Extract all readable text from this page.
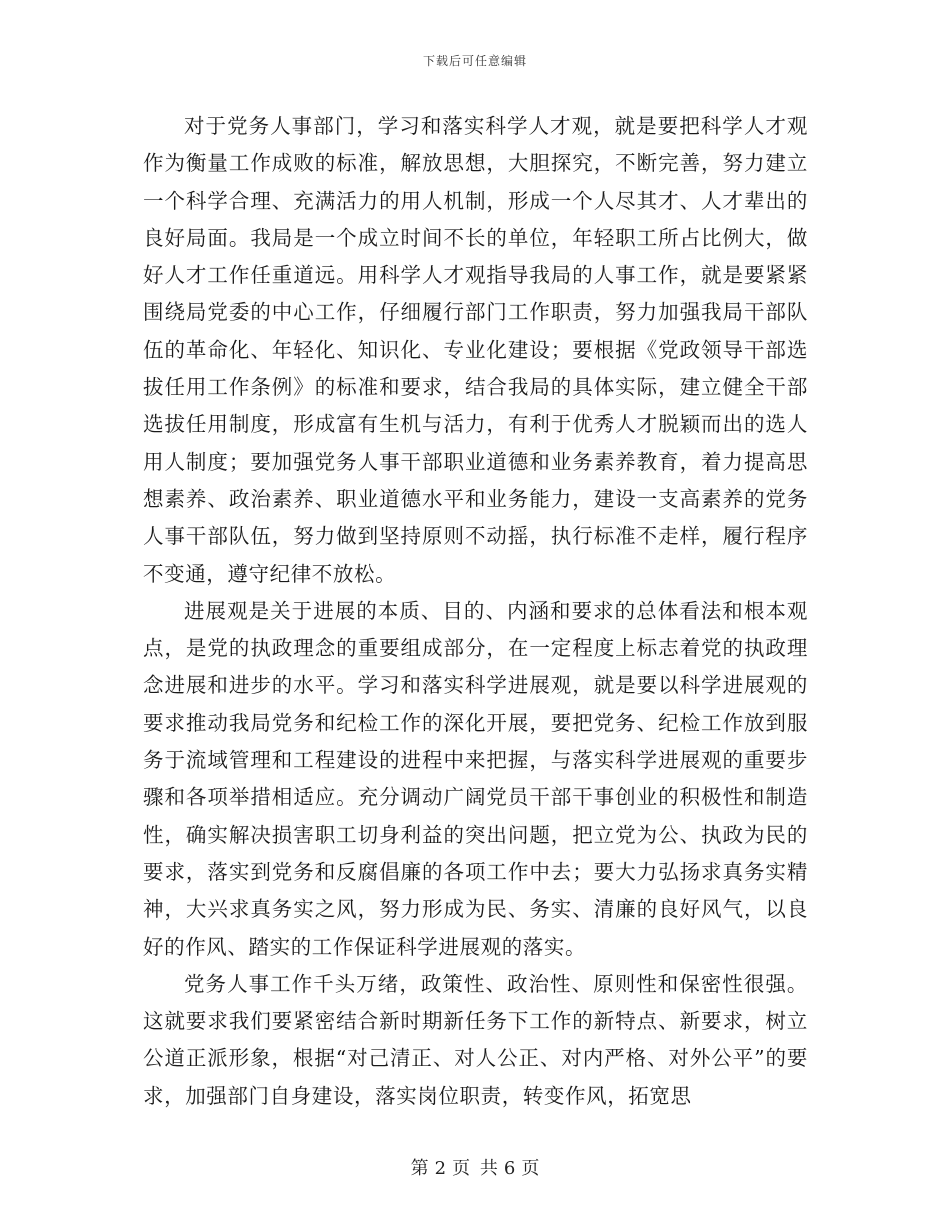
下载后可任意编辑

对于党务人事部门，学习和落实科学人才观，就是要把科学人才观作为衡量工作成败的标准，解放思想，大胆探究，不断完善，努力建立一个科学合理、充满活力的用人机制，形成一个人尽其才、人才辈出的良好局面。我局是一个成立时间不长的单位，年轻职工所占比例大，做好人才工作任重道远。用科学人才观指导我局的人事工作，就是要紧紧围绕局党委的中心工作，仔细履行部门工作职责，努力加强我局干部队伍的革命化、年轻化、知识化、专业化建设；要根据《党政领导干部选拔任用工作条例》的标准和要求，结合我局的具体实际，建立健全干部选拔任用制度，形成富有生机与活力，有利于优秀人才脱颖而出的选人用人制度；要加强党务人事干部职业道德和业务素养教育，着力提高思想素养、政治素养、职业道德水平和业务能力，建设一支高素养的党务人事干部队伍，努力做到坚持原则不动摇，执行标准不走样，履行程序不变通，遵守纪律不放松。

进展观是关于进展的本质、目的、内涵和要求的总体看法和根本观点，是党的执政理念的重要组成部分，在一定程度上标志着党的执政理念进展和进步的水平。学习和落实科学进展观，就是要以科学进展观的要求推动我局党务和纪检工作的深化开展，要把党务、纪检工作放到服务于流域管理和工程建设的进程中来把握，与落实科学进展观的重要步骤和各项举措相适应。充分调动广阔党员干部干事创业的积极性和制造性，确实解决损害职工切身利益的突出问题，把立党为公、执政为民的要求，落实到党务和反腐倡廉的各项工作中去；要大力弘扬求真务实精神，大兴求真务实之风，努力形成为民、务实、清廉的良好风气，以良好的作风、踏实的工作保证科学进展观的落实。

党务人事工作千头万绪，政策性、政治性、原则性和保密性很强。这就要求我们要紧密结合新时期新任务下工作的新特点、新要求，树立公道正派形象，根据“对己清正、对人公正、对内严格、对外公平”的要求，加强部门自身建设，落实岗位职责，转变作风，拓宽思

第 2 页 共 6 页
